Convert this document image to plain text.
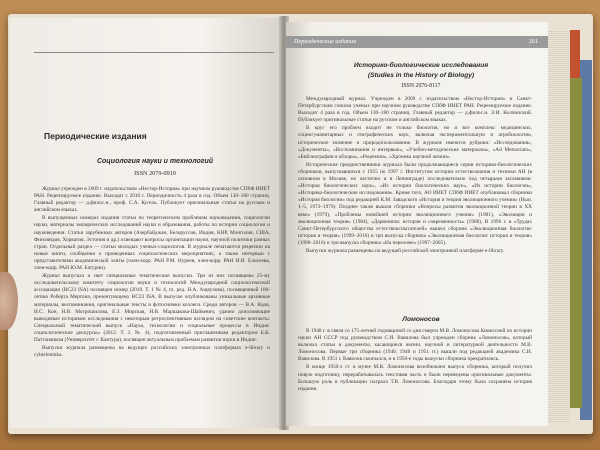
Периодические издания
Социология науки и технологий
ISSN 2079-0910

Журнал учрежден в 2009 г. издательством «Нестор-История» при научном руководстве СПбФ ИИЕТ РАН. Рецензируемое издание. Выходит с 2010 г. Периодичность 4 раза в год. Объем 130–180 страниц. Главный редактор — д.филос.н., проф. С.А. Кугель. Публикует оригинальные статьи на русском и английском языках.

В выпущенных номерах издания статьи по теоретическим проблемам науковедения, социологии науки, материалы эмпирических исследований науки и образования, работы по истории социологии и науковедения. Статьи зарубежных авторов (Азербайджан, Белоруссия, Индия, КНР, Монголия, США, Финляндия, Хорватия, Эстония и др.) освещают вопросы организации науки, научной политики разных стран. Отдельный раздел — статьи молодых ученых-социологов. В журнале печатаются рецензии на новые книги, сообщения о проведенных социологических мероприятиях, а также интервью с представителями академической элиты (член-корр. РАН Р.М. Нуреев, член-корр. РАН И.И. Елисеева, член-корр. РАН Ю.М. Батурин).

Журнал выпускал и свет специальные тематические выпуски. Три из них посвящены 25-му исследовательскому комитету социологии науки и технологий Международной социологической ассоциации (RC23 ISA) посвящен номер (2010. Т. 1 № 4, гл. ред. Н.А. Ащеулова), посвященный 100-летию Роберта Мертона, презентующему RC23 ISA. В выпуске опубликованы уникальные архивные материалы, воспоминания, оригинальные тексты и фотоснимки коллеги. Среди авторов — В.А. Ядов, И.С. Кон, Н.В. Мотрошилова, Е.З. Мирская, Н.В. Маршакова-Шайкевич, удачно дополняющие выводимые историком исследования с некоторым ретроспективным взглядом на советские контакты. Специальный тематический выпуск «Наука, технологии и социальные процессы в Индии: социологические дискурсы» (2012. Т. 3. № 4), подготовленный приглашенным редактором Б.К. Паттанаиком (Университет г. Кантура), посвящен актуальным проблемам развития науки в Индии.

Выпуски журнала размещены на ведущих российских электронных платформах e-library и cyberleninka.

Периодические издания	261
Историко-биологические исследования
(Studies in the History of Biology)
ISSN 2076-8117

Международный журнал. Учрежден в 2009 г. издательством «Нестор-История» и Санкт-Петербургским союзом ученых при научном руководстве СПбФ ИИЕТ РАН. Рецензируемое издание. Выходит 4 раза в год. Объем 130–180 страниц. Главный редактор — д.филос.н. Э.И. Колчинский. Публикует оригинальные статьи на русском и английском языках.

В круг его проблем входит не только биология, но и все комплекс медицинских, социогуманитарных и географических наук, включая экспериментальную и агробиологию, историческое значение и природопользование. В журнале имеются рубрики: «Исследования», «Документы», «Воспоминания и интервью», «Учебно-методические материалы», «Ad Memoriam», «Библиография и обзоры», «Рецензии», «Хроника научной жизни».

Исторические предшественники журнала были продолжающиеся серии историко-биологических сборников, выпускавшихся с 1955 по 1997 г. Институтом истории естествознания и техники АН (в основном в Москве, но частично и в Ленинграде) последовательно под четырьмя заглавиями: «История биологических наук», «Из истории биологических наук», «Из истории биологии», «Историко-биологические исследования». Кроме того, АО ИИЕТ СПбФ ИИЕТ опубликовал сборники «История биологии» под редакцией К.М. Завадского «История и теория эволюционного учения» (Вып. 1–5, 1973–1979). Позднее также вышли сборники «Вопросы развития эволюционной теории в XX веке» (1979), «Проблемы новейшей истории эволюционного учения» (1981), «Эволюция и эволюционная теория» (1984), «Дарвинизм: история и современность» (1988). В 1996 г. в «Трудах Санкт-Петербургского общества естествоиспытателей» вышел сборник «Эволюционная биология: история и теория» (1999–2016) и три выпуска сборника «Эволюционная биология: история и теория» (1998–2016) и три выпуска сборника «На переломе» (1997–2005).

Выпуски журнала размещены на ведущей российской электронной платформе e-library.

Ломоносов

В 1948 г. в связи со 175-летней годовщиной со дня смерти М.В. Ломоносова Комиссией по истории науки АН СССР под руководством С.И. Вавилова был учрежден сборник «Ломоносов», который включал статьи и документы, касающиеся жизни, научной и литературной деятельности М.В. Ломоносова. Первые три сборника (1940, 1946 и 1951 гг.) вышли под редакцией академика С.И. Вавилова. В 1951 г. Вавилов скончался, и в 1950-е годы выпуски сборника прекратились.

В конце 1950-х гг. в музее М.В. Ломоносова возобновлен выпуск сборника, который получил новую подготовку, перерабатывалась текстовая часть и были переведены оригинальные документы. Большую роль в публикации сыграла Т.В. Ломоносова. Благодаря этому была сохранена история издания.
